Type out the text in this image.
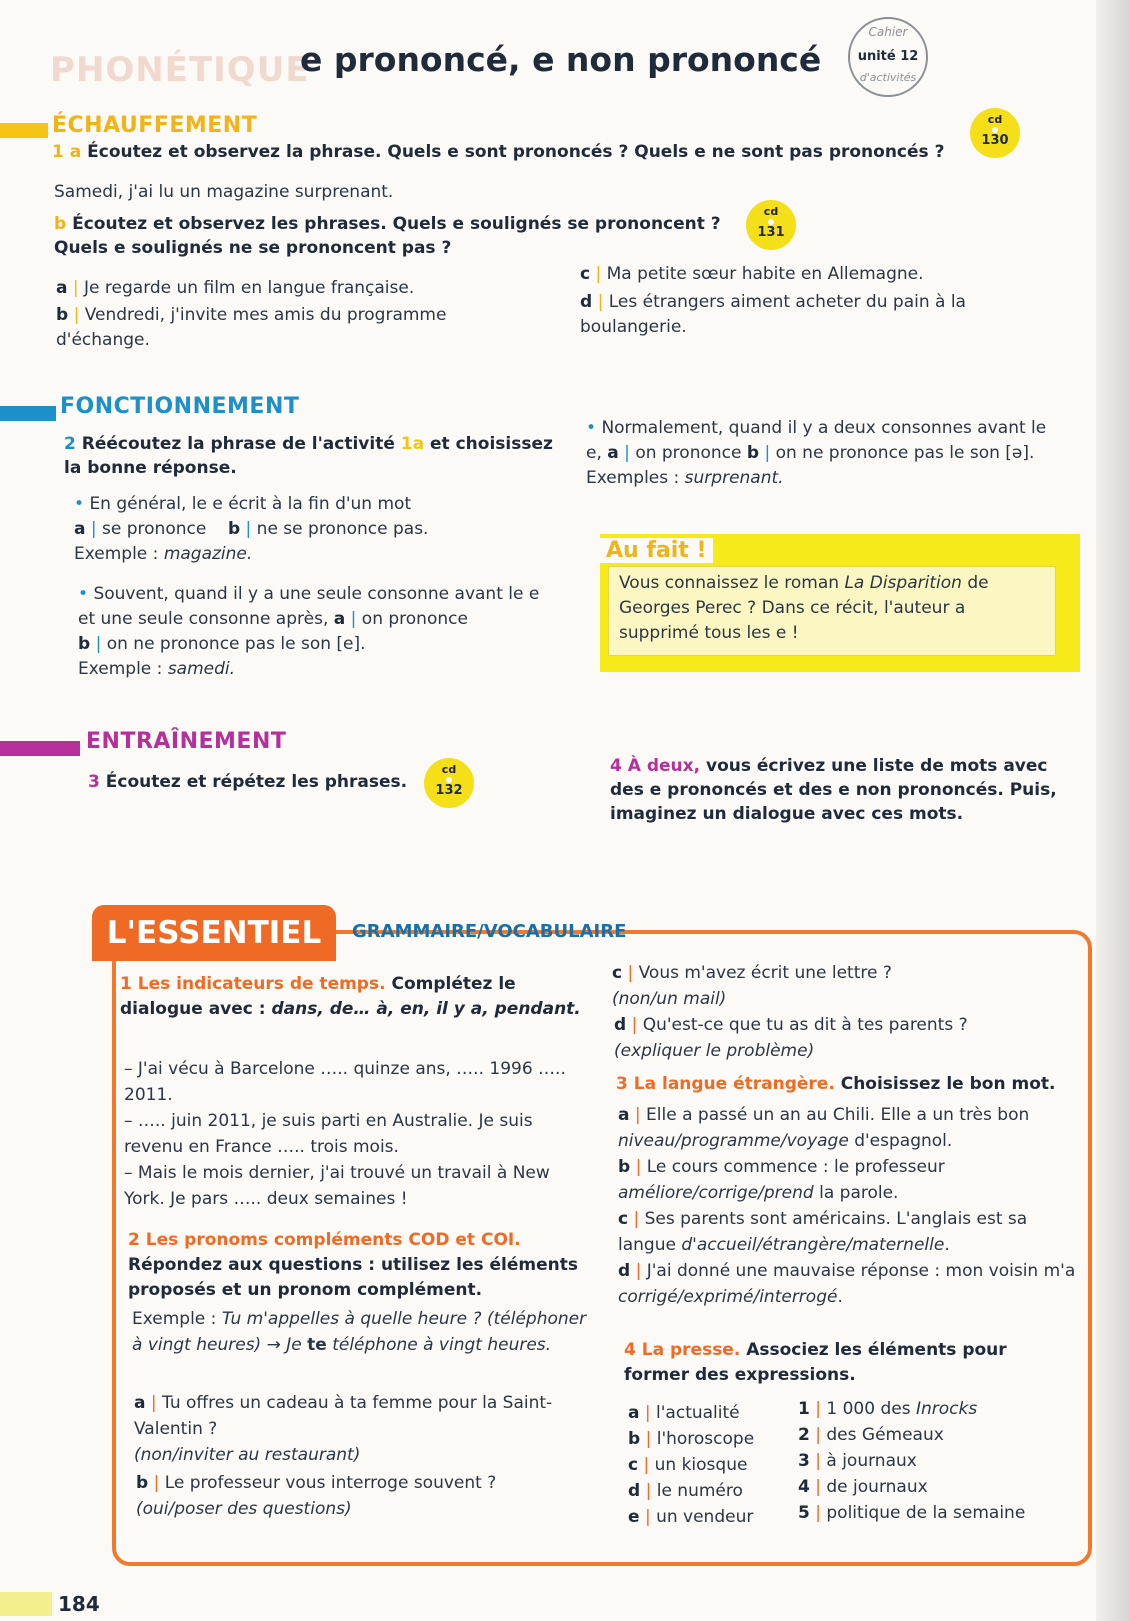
PHONÉTIQUE
e prononcé, e non prononcé
Cahier
unité 12
d'activités
ÉCHAUFFEMENT	cd
130
1 a Écoutez et observez la phrase. Quels e sont prononcés ? Quels e ne sont pas prononcés ?
Samedi, j'ai lu un magazine surprenant.
b Écoutez et observez les phrases. Quels e soulignés se prononcent ?
Quels e soulignés ne se prononcent pas ?
cd
131
a | Je regarde un film en langue française.
b | Vendredi, j'invite mes amis du programme d'échange.
c | Ma petite sœur habite en Allemagne.
d | Les étrangers aiment acheter du pain à la boulangerie.
FONCTIONNEMENT
2 Réécoutez la phrase de l'activité 1a et choisissez la bonne réponse.
• En général, le e écrit à la fin d'un mot
a | se prononce b | ne se prononce pas.
Exemple : magazine.
• Souvent, quand il y a une seule consonne avant le e et une seule consonne après, a | on prononce
b | on ne prononce pas le son [e].
Exemple : samedi.
• Normalement, quand il y a deux consonnes avant le e, a | on prononce b | on ne prononce pas le son [ə].
Exemples : surprenant.
Au fait !
Vous connaissez le roman La Disparition de Georges Perec ? Dans ce récit, l'auteur a supprimé tous les e !
ENTRAÎNEMENT
3 Écoutez et répétez les phrases.
cd
132
4 À deux, vous écrivez une liste de mots avec des e prononcés et des e non prononcés. Puis, imaginez un dialogue avec ces mots.
L'ESSENTIEL	GRAMMAIRE/VOCABULAIRE
1 Les indicateurs de temps. Complétez le dialogue avec : dans, de… à, en, il y a, pendant.
– J'ai vécu à Barcelone ….. quinze ans, ….. 1996 ….. 2011.
– ….. juin 2011, je suis parti en Australie. Je suis revenu en France ….. trois mois.
– Mais le mois dernier, j'ai trouvé un travail à New York. Je pars ….. deux semaines !
2 Les pronoms compléments COD et COI.
Répondez aux questions : utilisez les éléments proposés et un pronom complément.
Exemple : Tu m'appelles à quelle heure ? (téléphoner à vingt heures) → Je te téléphone à vingt heures.
a | Tu offres un cadeau à ta femme pour la Saint-Valentin ?
(non/inviter au restaurant)
b | Le professeur vous interroge souvent ?
(oui/poser des questions)
c | Vous m'avez écrit une lettre ?
(non/un mail)
d | Qu'est-ce que tu as dit à tes parents ?
(expliquer le problème)
3 La langue étrangère. Choisissez le bon mot.
a | Elle a passé un an au Chili. Elle a un très bon niveau/programme/voyage d'espagnol.
b | Le cours commence : le professeur améliore/corrige/prend la parole.
c | Ses parents sont américains. L'anglais est sa langue d'accueil/étrangère/maternelle.
d | J'ai donné une mauvaise réponse : mon voisin m'a corrigé/exprimé/interrogé.
4 La presse. Associez les éléments pour former des expressions.
a | l'actualité
b | l'horoscope
c | un kiosque
d | le numéro
e | un vendeur
1 | 1 000 des Inrocks
2 | des Gémeaux
3 | à journaux
4 | de journaux
5 | politique de la semaine
184
